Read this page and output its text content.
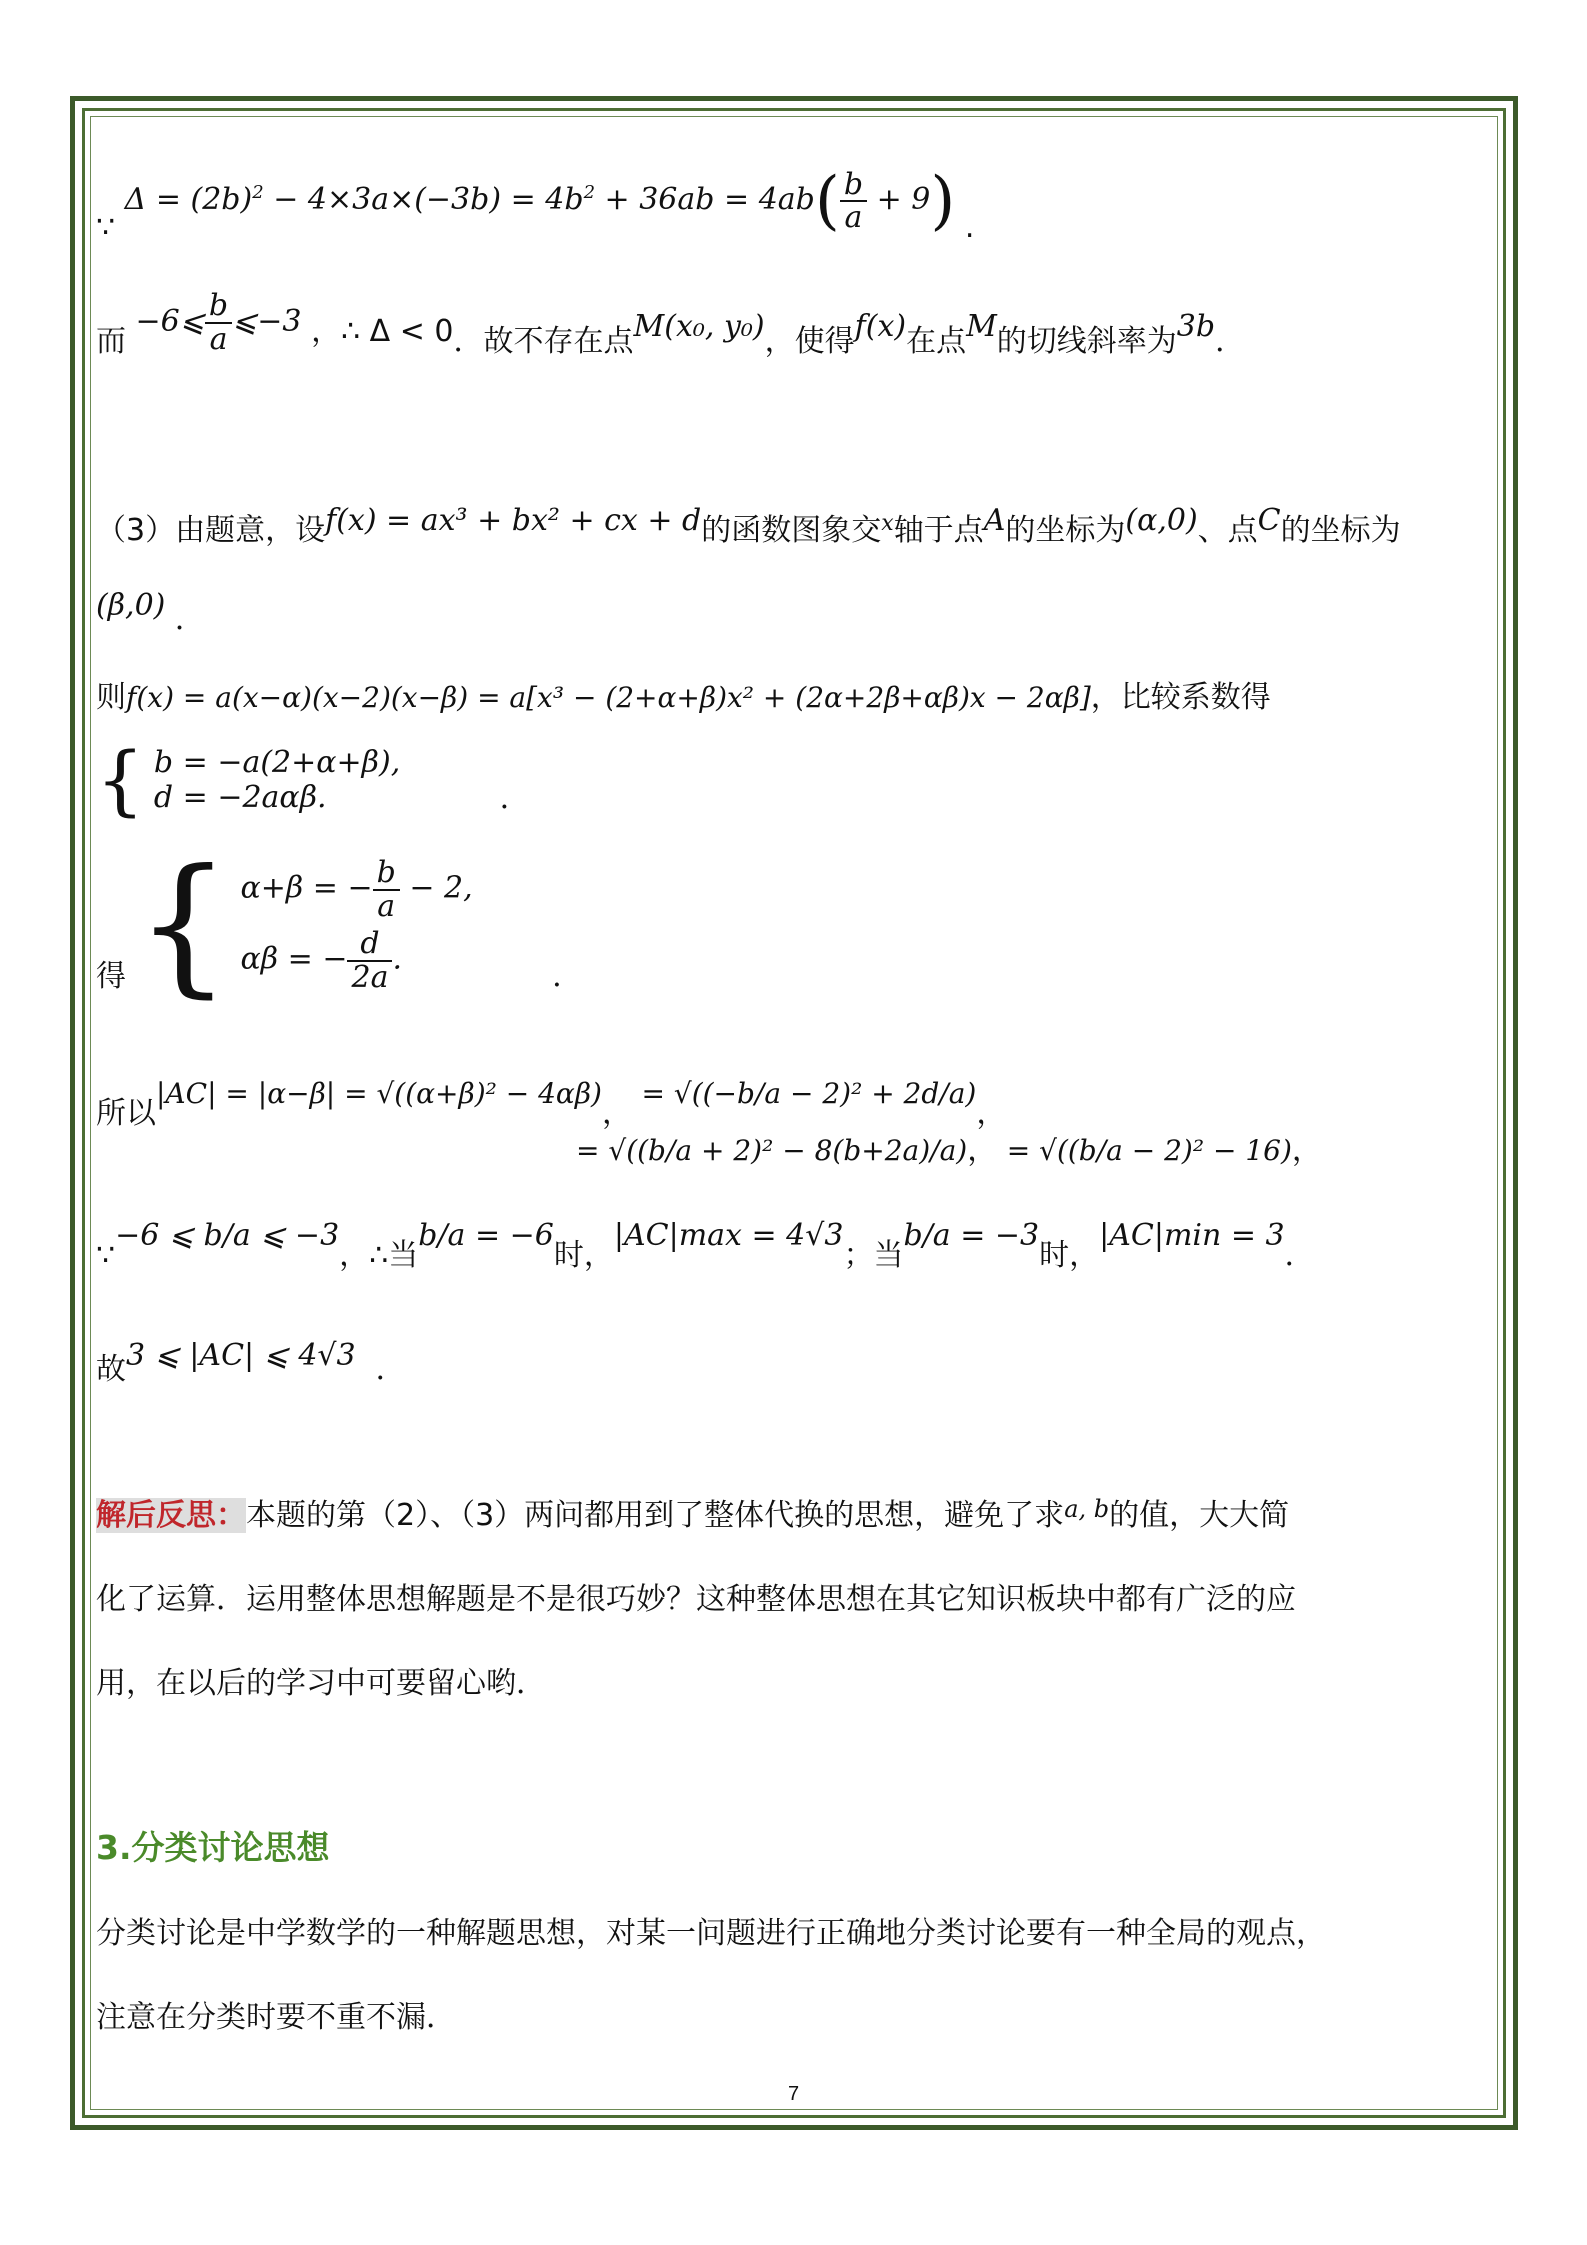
∵ $\Delta = (2b)^2 - 4\times 3a\times(-3b) = 4b^2 + 36ab = 4ab( \frac{b}{a} + 9)$ .
而 −6⩽ $\frac{b}{a}$ ⩽−3 ，∴ Δ < 0．故不存在点M(x₀, y₀)，使得f(x)在点M的切线斜率为3b．
（3）由题意，设f(x) = ax³ + bx² + cx + d的函数图象交$^x$轴于点A的坐标为(α,0)、点C的坐标为
(β,0) ．
则f(x) = a(x−α)(x−2)(x−β) = a[x³ − (2+α+β)x² + (2α+2β+αβ)x − 2αβ]，比较系数得
{ b = −a(2+α+β),
d = −2aαβ.	．
得 { α+β = − $\frac{b}{a} - 2$,
αβ = − $\frac{d}{2a}$ .	．
所以|AC| = |α−β| = √((α+β)² − 4αβ)， = √((−b/a − 2)² + 2d/a)，
= √((b/a + 2)² − 8(b+2a)/a)， = √((b/a − 2)² − 16)，
∵−6 ⩽ b/a ⩽ −3，∴当b/a = −6时，|AC|max = 4√3；当b/a = −3时，|AC|min = 3．
故3 ⩽ |AC| ⩽ 4√3 ．
解后反思：本题的第（2）、（3）两问都用到了整体代换的思想，避免了求$^{a, b}$的值，大大简
化了运算．运用整体思想解题是不是很巧妙？这种整体思想在其它知识板块中都有广泛的应
用，在以后的学习中可要留心哟．
3.分类讨论思想
分类讨论是中学数学的一种解题思想，对某一问题进行正确地分类讨论要有一种全局的观点，
注意在分类时要不重不漏．
7
